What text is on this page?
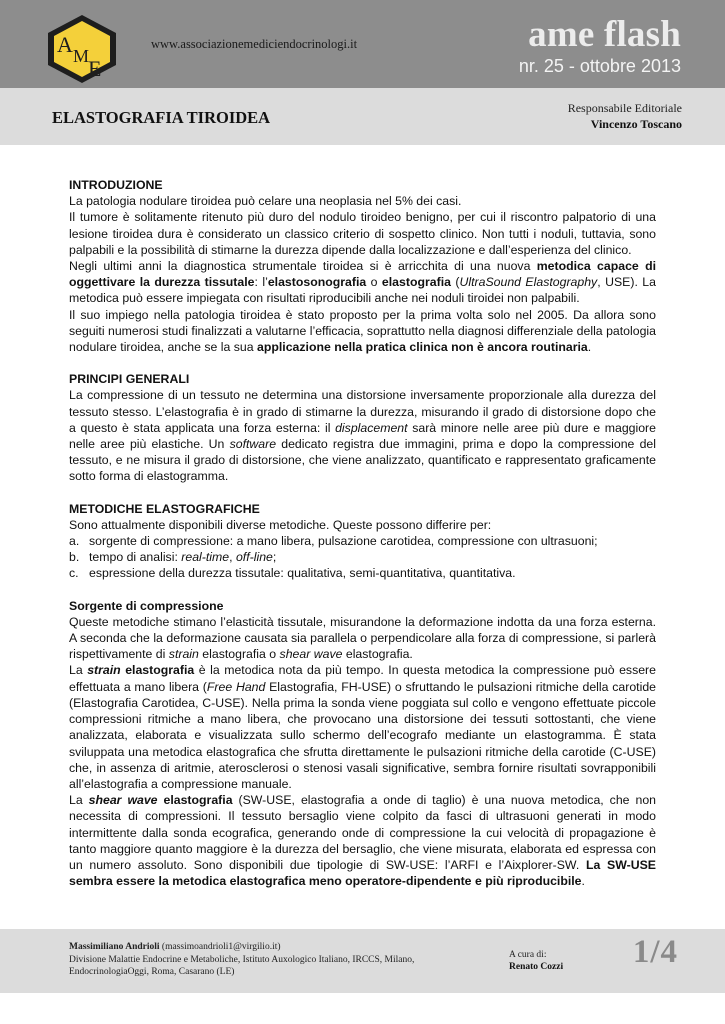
A M
E
www.associazionemediciendocrinologi.it	ame flash
nr. 25 - ottobre 2013
ELASTOGRAFIA TIROIDEA	Responsabile Editoriale
Vincenzo Toscano
INTRODUZIONE

La patologia nodulare tiroidea può celare una neoplasia nel 5% dei casi.

Il tumore è solitamente ritenuto più duro del nodulo tiroideo benigno, per cui il riscontro palpatorio di una lesione tiroidea dura è considerato un classico criterio di sospetto clinico. Non tutti i noduli, tuttavia, sono palpabili e la possibilità di stimarne la durezza dipende dalla localizzazione e dall’esperienza del clinico.

Negli ultimi anni la diagnostica strumentale tiroidea si è arricchita di una nuova metodica capace di oggettivare la durezza tissutale: l’elastosonografia o elastografia (UltraSound Elastography, USE). La metodica può essere impiegata con risultati riproducibili anche nei noduli tiroidei non palpabili.

Il suo impiego nella patologia tiroidea è stato proposto per la prima volta solo nel 2005. Da allora sono seguiti numerosi studi finalizzati a valutarne l’efficacia, soprattutto nella diagnosi differenziale della patologia nodulare tiroidea, anche se la sua applicazione nella pratica clinica non è ancora routinaria.

PRINCIPI GENERALI

La compressione di un tessuto ne determina una distorsione inversamente proporzionale alla durezza del tessuto stesso. L’elastografia è in grado di stimarne la durezza, misurando il grado di distorsione dopo che a questo è stata applicata una forza esterna: il displacement sarà minore nelle aree più dure e maggiore nelle aree più elastiche. Un software dedicato registra due immagini, prima e dopo la compressione del tessuto, e ne misura il grado di distorsione, che viene analizzato, quantificato e rappresentato graficamente sotto forma di elastogramma.

METODICHE ELASTOGRAFICHE

Sono attualmente disponibili diverse metodiche. Queste possono differire per:

a. sorgente di compressione: a mano libera, pulsazione carotidea, compressione con ultrasuoni;
b. tempo di analisi: real-time, off-line;
c. espressione della durezza tissutale: qualitativa, semi-quantitativa, quantitativa.
Sorgente di compressione

Queste metodiche stimano l’elasticità tissutale, misurandone la deformazione indotta da una forza esterna. A seconda che la deformazione causata sia parallela o perpendicolare alla forza di compressione, si parlerà rispettivamente di strain elastografia o shear wave elastografia.

La strain elastografia è la metodica nota da più tempo. In questa metodica la compressione può essere effettuata a mano libera (Free Hand Elastografia, FH-USE) o sfruttando le pulsazioni ritmiche della carotide (Elastografia Carotidea, C-USE). Nella prima la sonda viene poggiata sul collo e vengono effettuate piccole compressioni ritmiche a mano libera, che provocano una distorsione dei tessuti sottostanti, che viene analizzata, elaborata e visualizzata sullo schermo dell’ecografo mediante un elastogramma. È stata sviluppata una metodica elastografica che sfrutta direttamente le pulsazioni ritmiche della carotide (C-USE) che, in assenza di aritmie, aterosclerosi o stenosi vasali significative, sembra fornire risultati sovrapponibili all’elastografia a compressione manuale.

La shear wave elastografia (SW-USE, elastografia a onde di taglio) è una nuova metodica, che non necessita di compressioni. Il tessuto bersaglio viene colpito da fasci di ultrasuoni generati in modo intermittente dalla sonda ecografica, generando onde di compressione la cui velocità di propagazione è tanto maggiore quanto maggiore è la durezza del bersaglio, che viene misurata, elaborata ed espressa con un numero assoluto. Sono disponibili due tipologie di SW-USE: l’ARFI e l’Aixplorer-SW. La SW-USE sembra essere la metodica elastografica meno operatore-dipendente e più riproducibile.

Massimiliano Andrioli (massimoandrioli1@virgilio.it)
Divisione Malattie Endocrine e Metaboliche, Istituto Auxologico Italiano, IRCCS, Milano,
EndocrinologiaOggi, Roma, Casarano (LE)
A cura di:
Renato Cozzi 1/4
